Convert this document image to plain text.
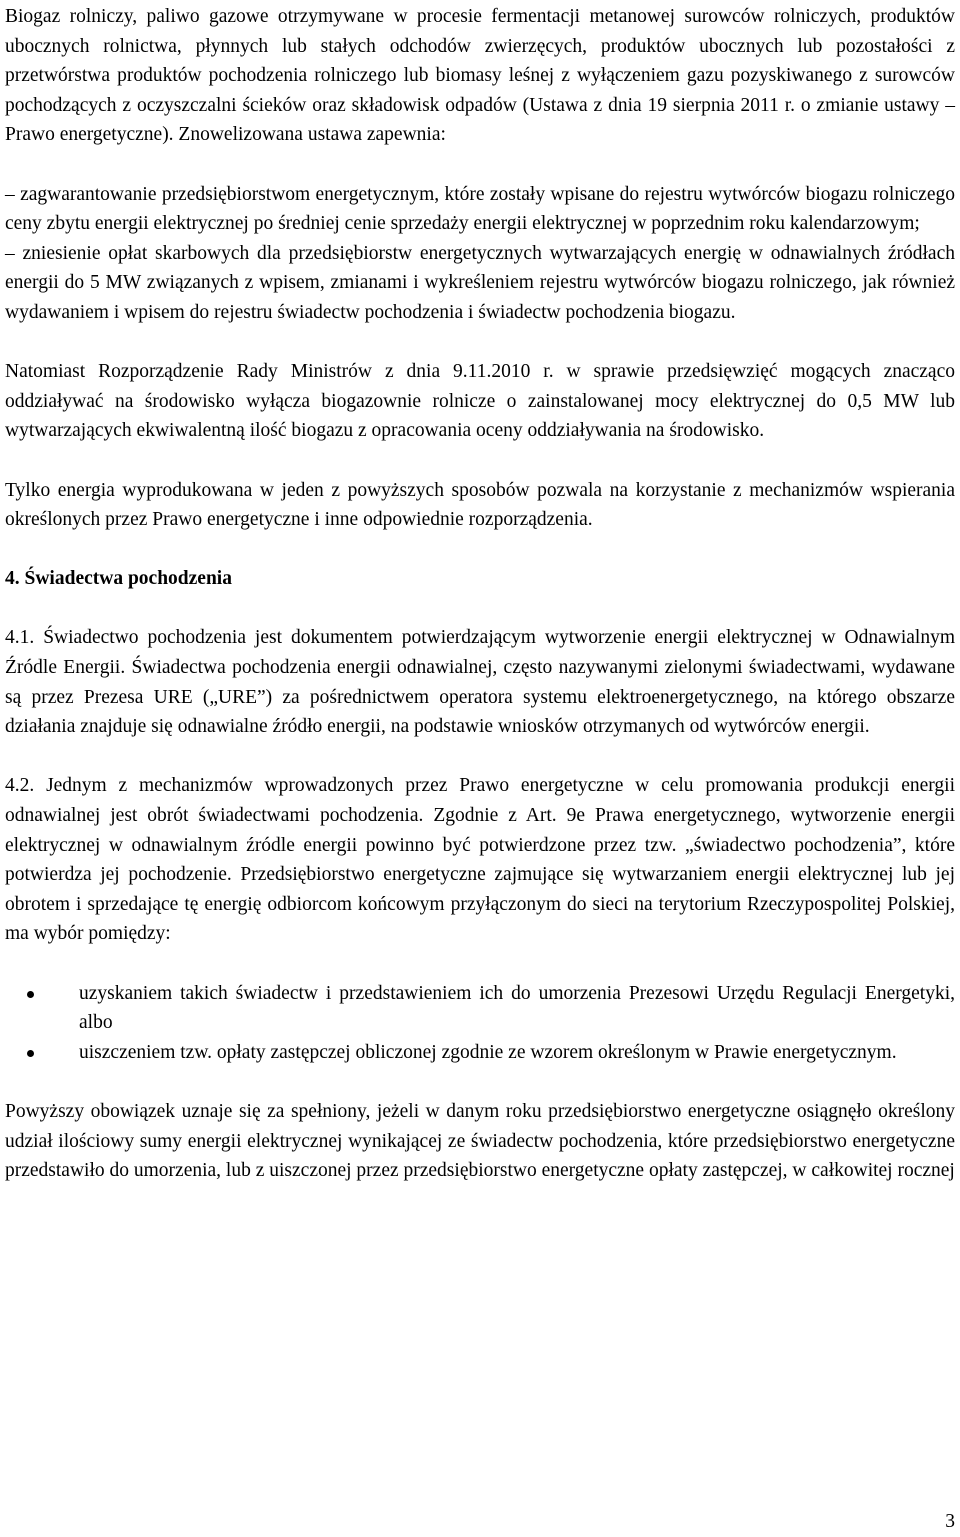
Biogaz rolniczy, paliwo gazowe otrzymywane w procesie fermentacji metanowej surowców rolniczych, produktów ubocznych rolnictwa, płynnych lub stałych odchodów zwierzęcych, produktów ubocznych lub pozostałości z przetwórstwa produktów pochodzenia rolniczego lub biomasy leśnej z wyłączeniem gazu pozyskiwanego z surowców pochodzących z oczyszczalni ścieków oraz składowisk odpadów (Ustawa z dnia 19 sierpnia 2011 r. o zmianie ustawy – Prawo energetyczne). Znowelizowana ustawa zapewnia:

– zagwarantowanie przedsiębiorstwom energetycznym, które zostały wpisane do rejestru wytwórców biogazu rolniczego ceny zbytu energii elektrycznej po średniej cenie sprzedaży energii elektrycznej w poprzednim roku kalendarzowym;

– zniesienie opłat skarbowych dla przedsiębiorstw energetycznych wytwarzających energię w odnawialnych źródłach energii do 5 MW związanych z wpisem, zmianami i wykreśleniem rejestru wytwórców biogazu rolniczego, jak również wydawaniem i wpisem do rejestru świadectw pochodzenia i świadectw pochodzenia biogazu.

Natomiast Rozporządzenie Rady Ministrów z dnia 9.11.2010 r. w sprawie przedsięwzięć mogących znacząco oddziaływać na środowisko wyłącza biogazownie rolnicze o zainstalowanej mocy elektrycznej do 0,5 MW lub wytwarzających ekwiwalentną ilość biogazu z opracowania oceny oddziaływania na środowisko.

Tylko energia wyprodukowana w jeden z powyższych sposobów pozwala na korzystanie z mechanizmów wspierania określonych przez Prawo energetyczne i inne odpowiednie rozporządzenia.

4. Świadectwa pochodzenia

4.1. Świadectwo pochodzenia jest dokumentem potwierdzającym wytworzenie energii elektrycznej w Odnawialnym Źródle Energii. Świadectwa pochodzenia energii odnawialnej, często nazywanymi zielonymi świadectwami, wydawane są przez Prezesa URE („URE”) za pośrednictwem operatora systemu elektroenergetycznego, na którego obszarze działania znajduje się odnawialne źródło energii, na podstawie wniosków otrzymanych od wytwórców energii.

4.2. Jednym z mechanizmów wprowadzonych przez Prawo energetyczne w celu promowania produkcji energii odnawialnej jest obrót świadectwami pochodzenia. Zgodnie z Art. 9e Prawa energetycznego, wytworzenie energii elektrycznej w odnawialnym źródle energii powinno być potwierdzone przez tzw. „świadectwo pochodzenia”, które potwierdza jej pochodzenie. Przedsiębiorstwo energetyczne zajmujące się wytwarzaniem energii elektrycznej lub jej obrotem i sprzedające tę energię odbiorcom końcowym przyłączonym do sieci na terytorium Rzeczypospolitej Polskiej, ma wybór pomiędzy:

uzyskaniem takich świadectw i przedstawieniem ich do umorzenia Prezesowi Urzędu Regulacji Energetyki, albo
uiszczeniem tzw. opłaty zastępczej obliczonej zgodnie ze wzorem określonym w Prawie energetycznym.

Powyższy obowiązek uznaje się za spełniony, jeżeli w danym roku przedsiębiorstwo energetyczne osiągnęło określony udział ilościowy sumy energii elektrycznej wynikającej ze świadectw pochodzenia, które przedsiębiorstwo energetyczne przedstawiło do umorzenia, lub z uiszczonej przez przedsiębiorstwo energetyczne opłaty zastępczej, w całkowitej rocznej

3
